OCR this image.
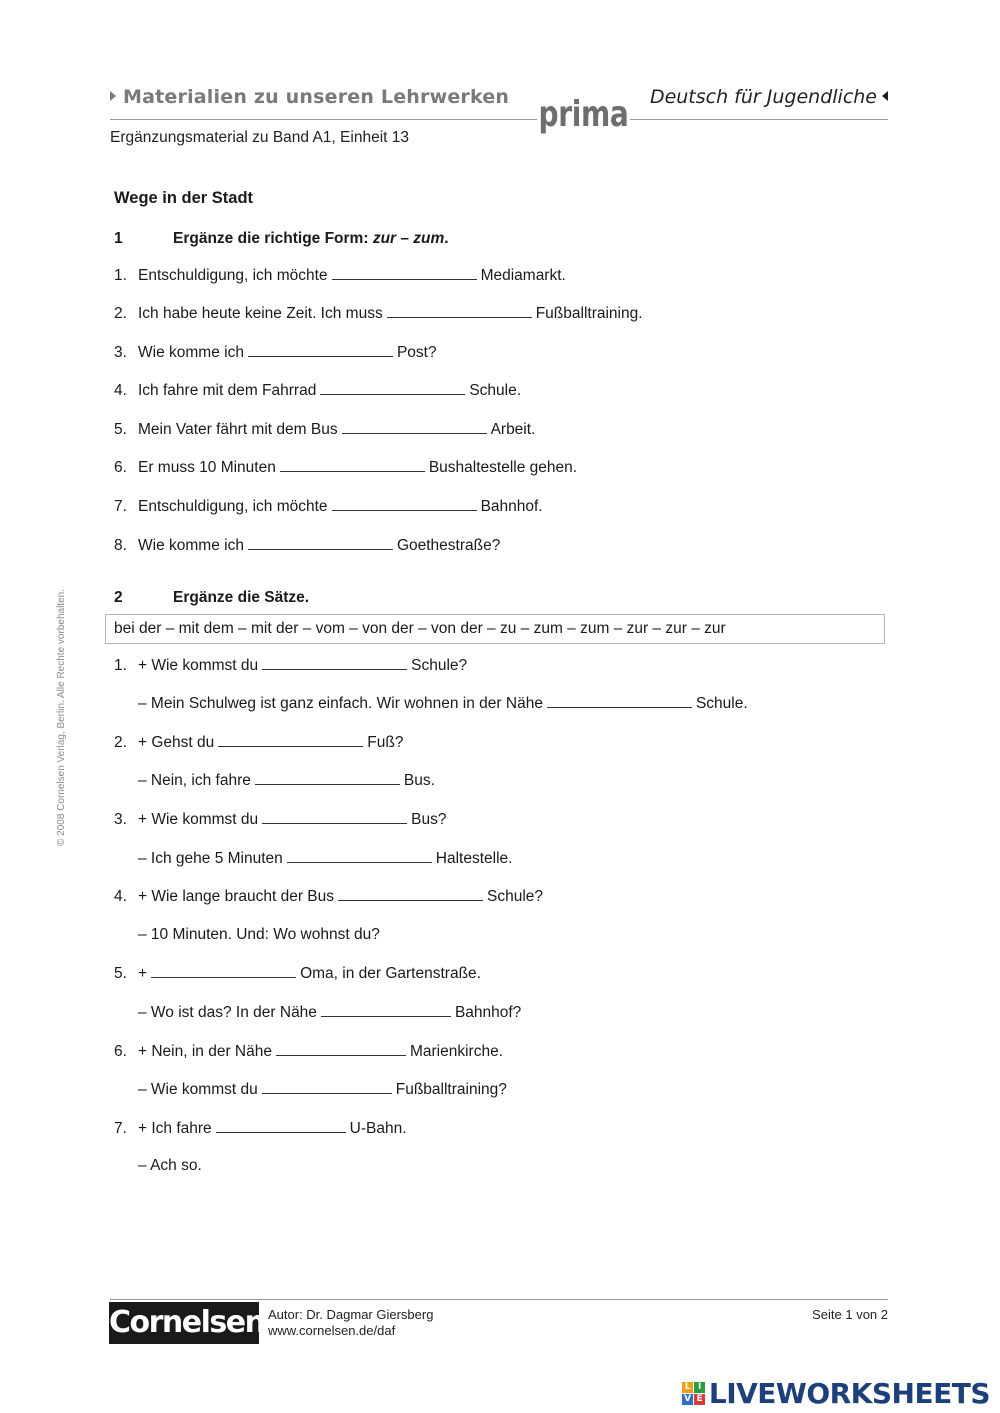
Materialien zu unseren Lehrwerken	Deutsch für Jugendliche
prima
Ergänzungsmaterial zu Band A1, Einheit 13
© 2008 Cornelsen Verlag, Berlin. Alle Rechte vorbehalten.
Wege in der Stadt
1	Ergänze die richtige Form: zur – zum.
1. Entschuldigung, ich möchte	Mediamarkt.
2. Ich habe heute keine Zeit. Ich muss	Fußballtraining.
3. Wie komme ich	Post?
4. Ich fahre mit dem Fahrrad	Schule.
5. Mein Vater fährt mit dem Bus	Arbeit.
6. Er muss 10 Minuten	Bushaltestelle gehen.
7. Entschuldigung, ich möchte	Bahnhof.
8. Wie komme ich	Goethestraße?
2	Ergänze die Sätze.
bei der – mit dem – mit der – vom – von der – von der – zu – zum – zum – zur – zur – zur
1. + Wie kommst du	Schule?
– Mein Schulweg ist ganz einfach. Wir wohnen in der Nähe	Schule.
2. + Gehst du	Fuß?
– Nein, ich fahre	Bus.
3. + Wie kommst du	Bus?
– Ich gehe 5 Minuten	Haltestelle.
4. + Wie lange braucht der Bus	Schule?
– 10 Minuten. Und: Wo wohnst du?
5. +	Oma, in der Gartenstraße.
– Wo ist das? In der Nähe	Bahnhof?
6. + Nein, in der Nähe	Marienkirche.
– Wie kommst du	Fußballtraining?
7. + Ich fahre	U-Bahn.
– Ach so.
Cornelsen Autor: Dr. Dagmar Giersberg
www.cornelsen.de/daf
Seite 1 von 2
L I
V E LIVEWORKSHEETS
